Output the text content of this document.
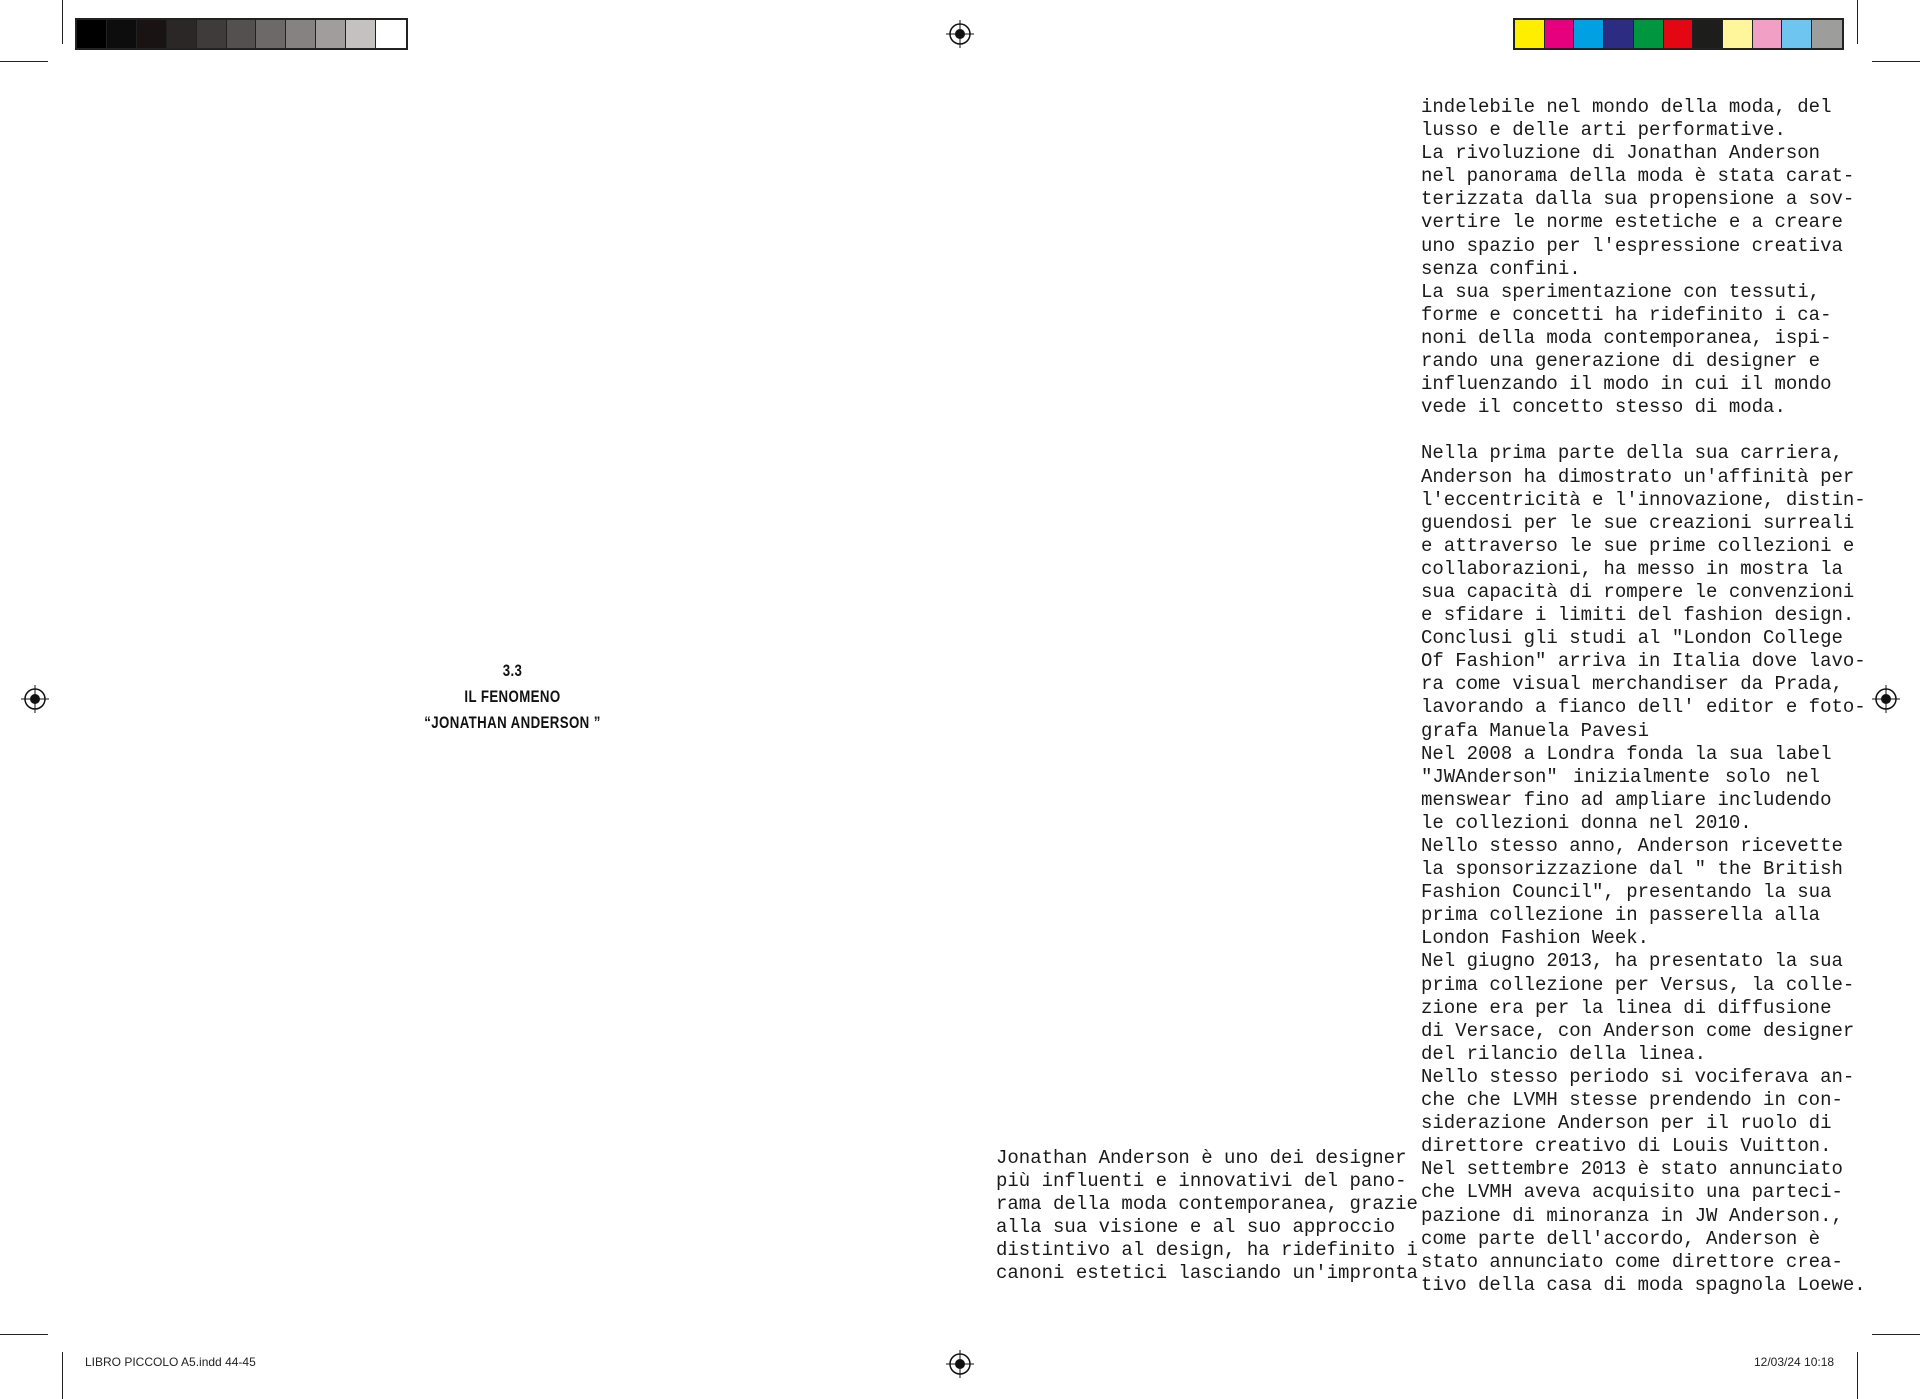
3.3
IL FENOMENO
“JONATHAN ANDERSON ”
Jonathan Anderson è uno dei designer
più influenti e innovativi del pano-
rama della moda contemporanea, grazie
alla sua visione e al suo approccio
distintivo al design, ha ridefinito i
canoni estetici lasciando un'impronta
indelebile nel mondo della moda, del
lusso e delle arti performative.
La rivoluzione di Jonathan Anderson
nel panorama della moda è stata carat-
terizzata dalla sua propensione a sov-
vertire le norme estetiche e a creare
uno spazio per l'espressione creativa
senza confini.
La sua sperimentazione con tessuti,
forme e concetti ha ridefinito i ca-
noni della moda contemporanea, ispi-
rando una generazione di designer e
influenzando il modo in cui il mondo
vede il concetto stesso di moda.
Nella prima parte della sua carriera,
Anderson ha dimostrato un'affinità per
l'eccentricità e l'innovazione, distin-
guendosi per le sue creazioni surreali
e attraverso le sue prime collezioni e
collaborazioni, ha messo in mostra la
sua capacità di rompere le convenzioni
e sfidare i limiti del fashion design.
Conclusi gli studi al "London College
Of Fashion" arriva in Italia dove lavo-
ra come visual merchandiser da Prada,
lavorando a fianco dell' editor e foto-
grafa Manuela Pavesi
Nel 2008 a Londra fonda la sua label
"JWAnderson" inizialmente solo nel
menswear fino ad ampliare includendo
le collezioni donna nel 2010.
Nello stesso anno, Anderson ricevette
la sponsorizzazione dal " the British
Fashion Council", presentando la sua
prima collezione in passerella alla
London Fashion Week.
Nel giugno 2013, ha presentato la sua
prima collezione per Versus, la colle-
zione era per la linea di diffusione
di Versace, con Anderson come designer
del rilancio della linea.
Nello stesso periodo si vociferava an-
che che LVMH stesse prendendo in con-
siderazione Anderson per il ruolo di
direttore creativo di Louis Vuitton.
Nel settembre 2013 è stato annunciato
che LVMH aveva acquisito una parteci-
pazione di minoranza in JW Anderson.,
come parte dell'accordo, Anderson è
stato annunciato come direttore crea-
tivo della casa di moda spagnola Loewe.
LIBRO PICCOLO A5.indd 44-45	12/03/24 10:18
